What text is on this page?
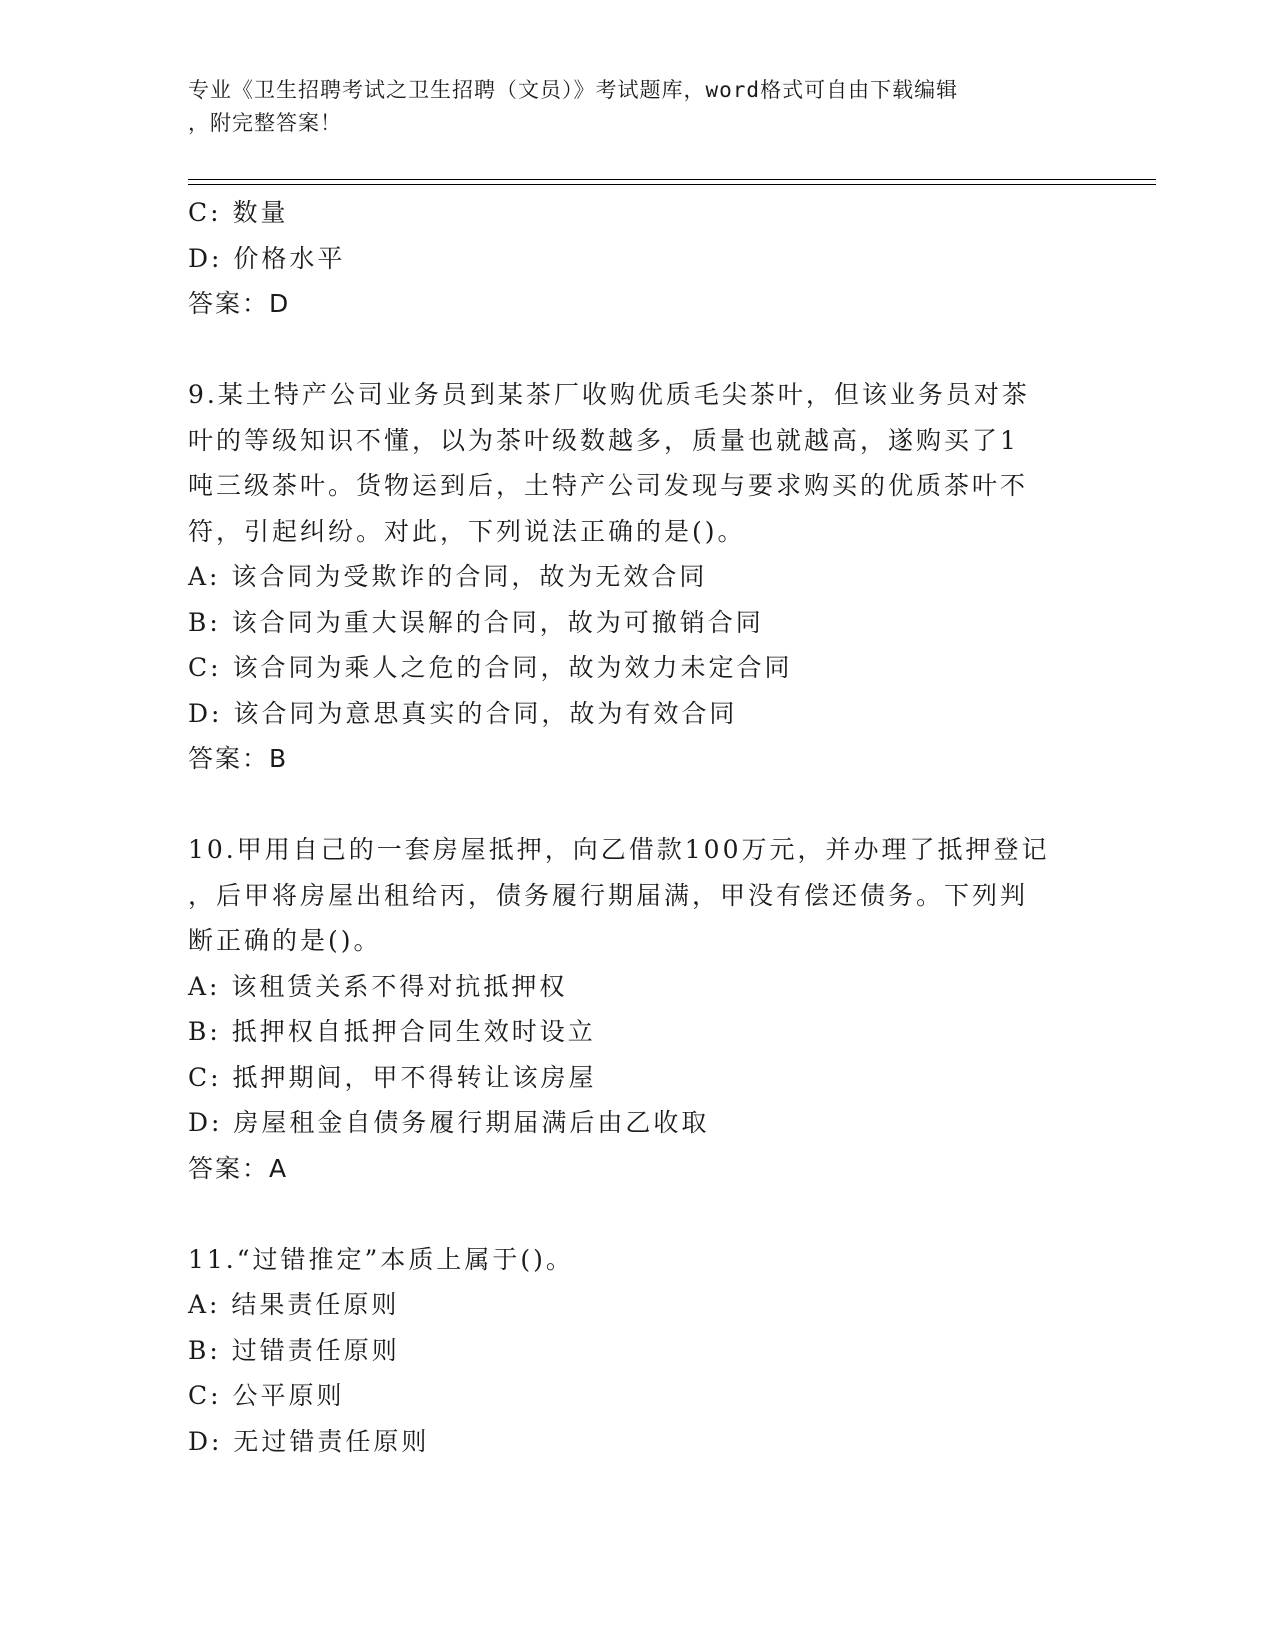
专业《卫生招聘考试之卫生招聘（文员）》考试题库，word格式可自由下载编辑
，附完整答案！
C: 数量
D: 价格水平
答案：D
9.某土特产公司业务员到某茶厂收购优质毛尖茶叶，但该业务员对茶
叶的等级知识不懂，以为茶叶级数越多，质量也就越高，遂购买了1
吨三级茶叶。货物运到后，土特产公司发现与要求购买的优质茶叶不
符，引起纠纷。对此，下列说法正确的是()。
A: 该合同为受欺诈的合同，故为无效合同
B: 该合同为重大误解的合同，故为可撤销合同
C: 该合同为乘人之危的合同，故为效力未定合同
D: 该合同为意思真实的合同，故为有效合同
答案：B
10.甲用自己的一套房屋抵押，向乙借款100万元，并办理了抵押登记
，后甲将房屋出租给丙，债务履行期届满，甲没有偿还债务。下列判
断正确的是()。
A: 该租赁关系不得对抗抵押权
B: 抵押权自抵押合同生效时设立
C: 抵押期间，甲不得转让该房屋
D: 房屋租金自债务履行期届满后由乙收取
答案：A
11.“过错推定”本质上属于()。
A: 结果责任原则
B: 过错责任原则
C: 公平原则
D: 无过错责任原则
